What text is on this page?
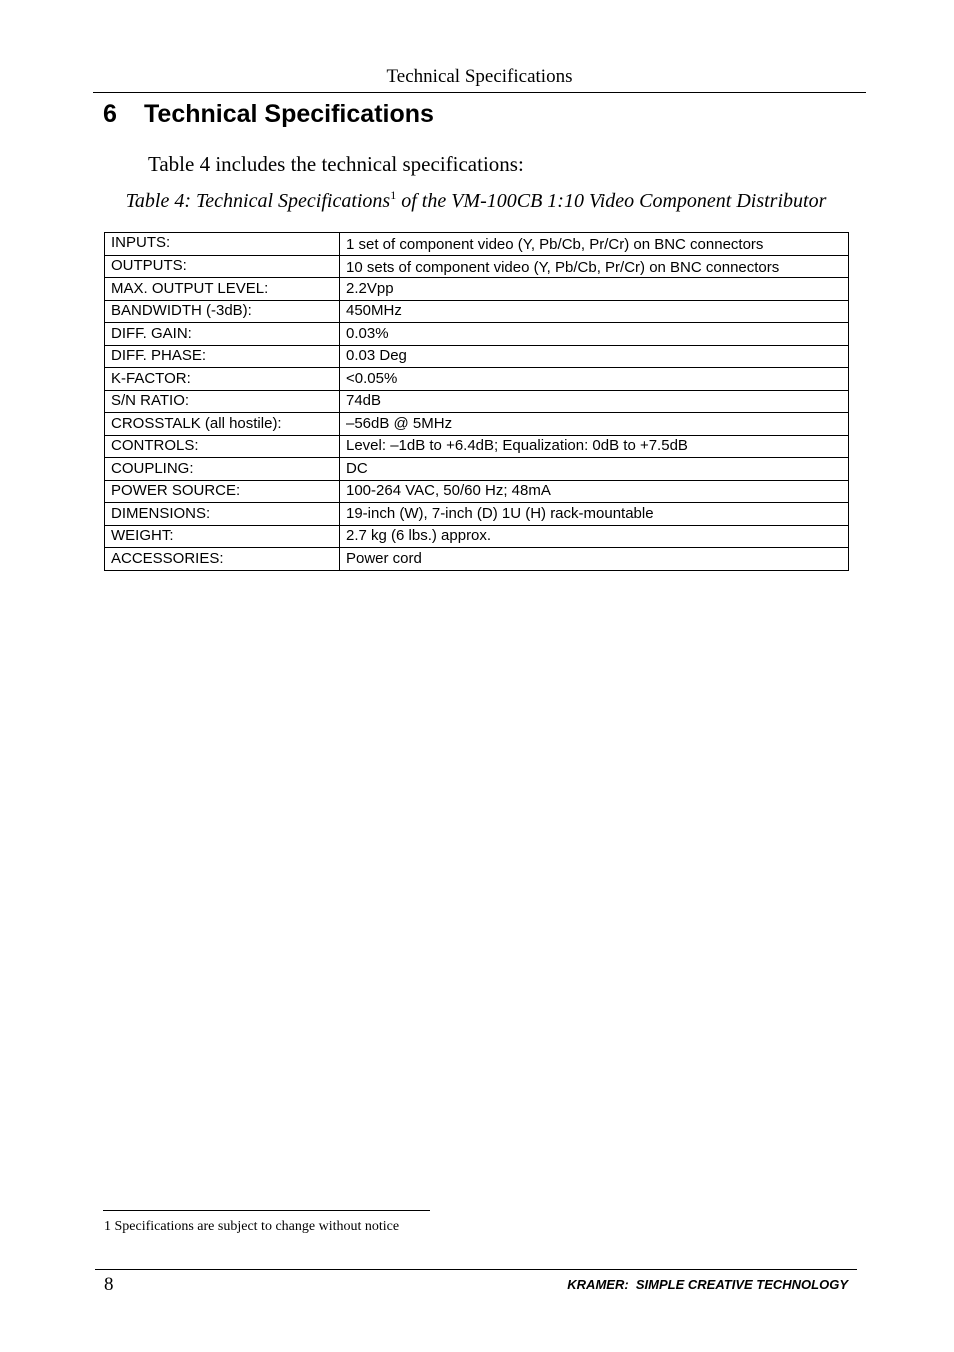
Technical Specifications
6 Technical Specifications
Table 4 includes the technical specifications:
Table 4: Technical Specifications$^1$ of the VM-100CB 1:10 Video Component Distributor
INPUTS:	1 set of component video (Y, Pb/Cb, Pr/Cr) on BNC connectors
OUTPUTS:	10 sets of component video (Y, Pb/Cb, Pr/Cr) on BNC connectors
MAX. OUTPUT LEVEL:	2.2Vpp
BANDWIDTH (-3dB):	450MHz
DIFF. GAIN:	0.03%
DIFF. PHASE:	0.03 Deg
K-FACTOR:	<0.05%
S/N RATIO:	74dB
CROSSTALK (all hostile):	–56dB @ 5MHz
CONTROLS:	Level: –1dB to +6.4dB; Equalization: 0dB to +7.5dB
COUPLING:	DC
POWER SOURCE:	100-264 VAC, 50/60 Hz; 48mA
DIMENSIONS:	19-inch (W), 7-inch (D) 1U (H) rack-mountable
WEIGHT:	2.7 kg (6 lbs.) approx.
ACCESSORIES:	Power cord
1 Specifications are subject to change without notice
8	KRAMER:  SIMPLE CREATIVE TECHNOLOGY
